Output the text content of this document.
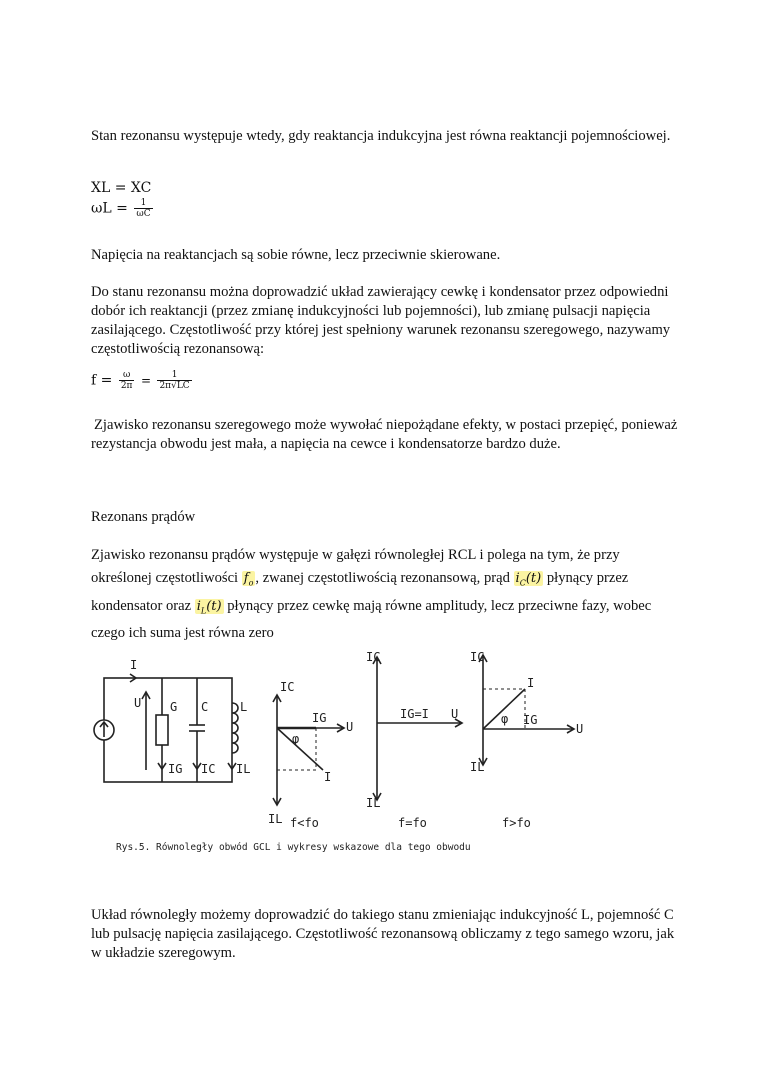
Stan rezonansu występuje wtedy, gdy reaktancja indukcyjna jest równa reaktancji pojemnościowej.

XL = XC
$\omega L = \frac{1}{\omega C}$

Napięcia na reaktancjach są sobie równe, lecz przeciwnie skierowane.

Do stanu rezonansu można doprowadzić układ zawierający cewkę i kondensator przez odpowiedni dobór ich reaktancji (przez zmianę indukcyjności lub pojemności), lub zmianę pulsacji napięcia zasilającego. Częstotliwość przy której jest spełniony warunek rezonansu szeregowego, nazywamy częstotliwością rezonansową:

$f = \frac{\omega}{2\pi} = \frac{1}{2\pi√LC}$

Zjawisko rezonansu szeregowego może wywołać niepożądane efekty, w postaci przepięć, ponieważ rezystancja obwodu jest mała, a napięcia na cewce i kondensatorze bardzo duże.

Rezonans prądów

Zjawisko rezonansu prądów występuje w gałęzi równoległej RCL i polega na tym, że przy określonej częstotliwości $f_o$ , zwanej częstotliwością rezonansową, prąd $i_C(t)$ płynący przez kondensator oraz $i_L(t)$ płynący przez cewkę mają równe amplitudy, lecz przeciwne fazy, wobec czego ich suma jest równa zero

I
U G C	L
IG IC IL
IC
IG
U
φ
I
IL f<fo
IC
IG=I U
IL
f=fo
IC
I
φ IG
U
IL
f>fo
Rys.5. Równoległy obwód GCL i wykresy wskazowe dla tego obwodu

Układ równoległy możemy doprowadzić do takiego stanu zmieniając indukcyjność L, pojemność C lub pulsację napięcia zasilającego. Częstotliwość rezonansową obliczamy z tego samego wzoru, jak w układzie szeregowym.
